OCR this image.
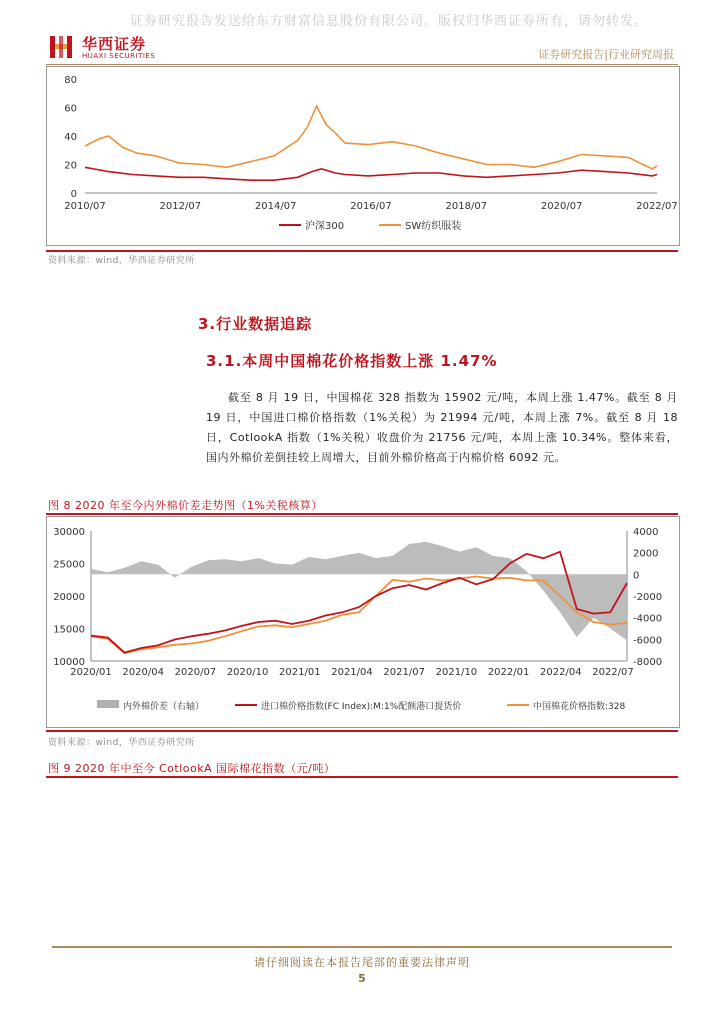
证券研究报告发送给东方财富信息股份有限公司。版权归华西证券所有，请勿转发。
华西证券
HUAXI SECURITIES	证券研究报告|行业研究周报
0
20
40
60
80
2010/07	2012/07	2014/07	2016/07	2018/07	2020/07	2022/07
沪深300	SW纺织服装
资料来源：wind，华西证券研究所
3.行业数据追踪
3.1.本周中国棉花价格指数上涨 1.47%
截至 8 月 19 日，中国棉花 328 指数为 15902 元/吨，本周上涨 1.47%。截至 8 月 19 日，中国进口棉价格指数（1%关税）为 21994 元/吨，本周上涨 7%。截至 8 月 18 日，CotlookA 指数（1%关税）收盘价为 21756 元/吨，本周上涨 10.34%。整体来看，国内外棉价差倒挂较上周增大，目前外棉价格高于内棉价格 6092 元。
图 8 2020 年至今内外棉价差走势图（1%关税核算）
10000
15000
20000
25000
30000	4000
2000
0
-2000
-4000
-6000
-8000
2020/01 2020/04 2020/07 2020/10 2021/01 2021/04 2021/07 2021/10 2022/01 2022/04 2022/07
内外棉价差（右轴）	进口棉价格指数(FC Index):M:1%配额港口提货价	中国棉花价格指数:328
资料来源：wind，华西证券研究所
图 9 2020 年中至今 CotlookA 国际棉花指数（元/吨）
请仔细阅读在本报告尾部的重要法律声明
5
